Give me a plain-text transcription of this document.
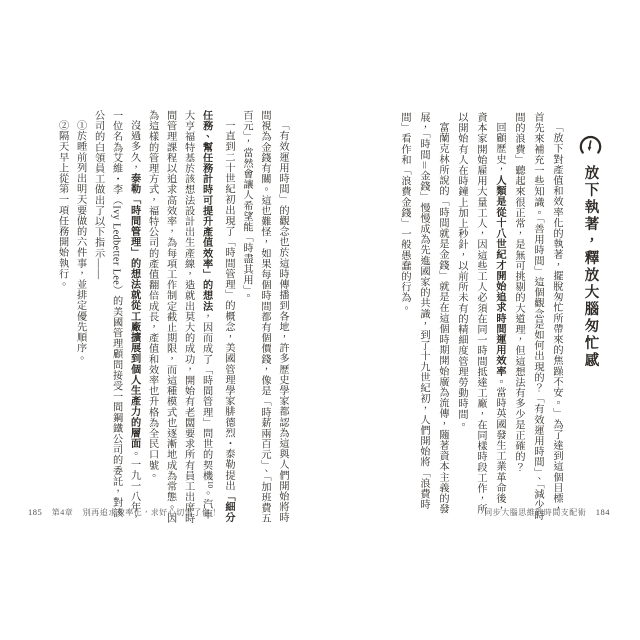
放下執著，釋放大腦匆忙感

「放下對產值和效率化的執著，擺脫匆忙所帶來的焦躁不安。」為了達到這個目標，首先來補充一些知識。「善用時間」這個觀念是如何出現的？「有效運用時間」、「減少時間的浪費」聽起來很正常，是無可挑剔的大道理，但這想法有多少是正確的？

回顧歷史，人類是從十八世紀才開始追求時間運用效率。當時英國發生工業革命後，資本家開始雇用大量工人，因這些工人必須在同一時間抵達工廠，在同樣時段工作，所以開始有人在時鐘上加上秒針，以前所未有的精細度管理勞動時間。

富蘭克林所說的「時間就是金錢」就是在這個時期開始廣為流傳，隨著資本主義的發展，「時間＝金錢」慢慢成為先進國家的共識，到了十九世紀初，人們開始將「浪費時間」看作和「浪費金錢」一般愚蠢的行為。

「有效運用時間」的觀念也於這時傳播到各地，許多歷史學家都認為這與人們開始將時間視為金錢有關。這也難怪，如果每個時間都有個價錢，像是「時薪兩百元」、「加班費五百元」，當然會讓人希望能「時盡其用」。

一直到二十世紀初出現了「時間管理」的概念，美國管理學家腓德烈・泰勒提出「細分任務、幫任務計時可提升產值效率」的想法，因而成了「時間管理」問世的契機$^{10}$。汽車大亨福特基於該想法設計出生產線，造就出莫大的成功，開始有老闆要求所有員工出席時間管理課程以追求高效率，為每項工作制定截止期限，而這種模式也逐漸地成為常態。因為這樣的管理方式，福特公司的產值翻倍成長，產值和效率也升格為全民口號。

沒過多久，泰勒「時間管理」的想法就從工廠擴展到個人生產力的層面。一九一八年，一位名為艾維・李（Ivy Ledbetter Lee）的美國管理顧問接受一間鋼鐵公司的委託，對該公司的白領員工做出了以下指示——

①於睡前列出明天要做的六件事，並排定優先順序。

②隔天早上從第一項任務開始執行。

185 第4章 別再追求效率化，求好心切害了你！	同步大腦思維的時間支配術 184
